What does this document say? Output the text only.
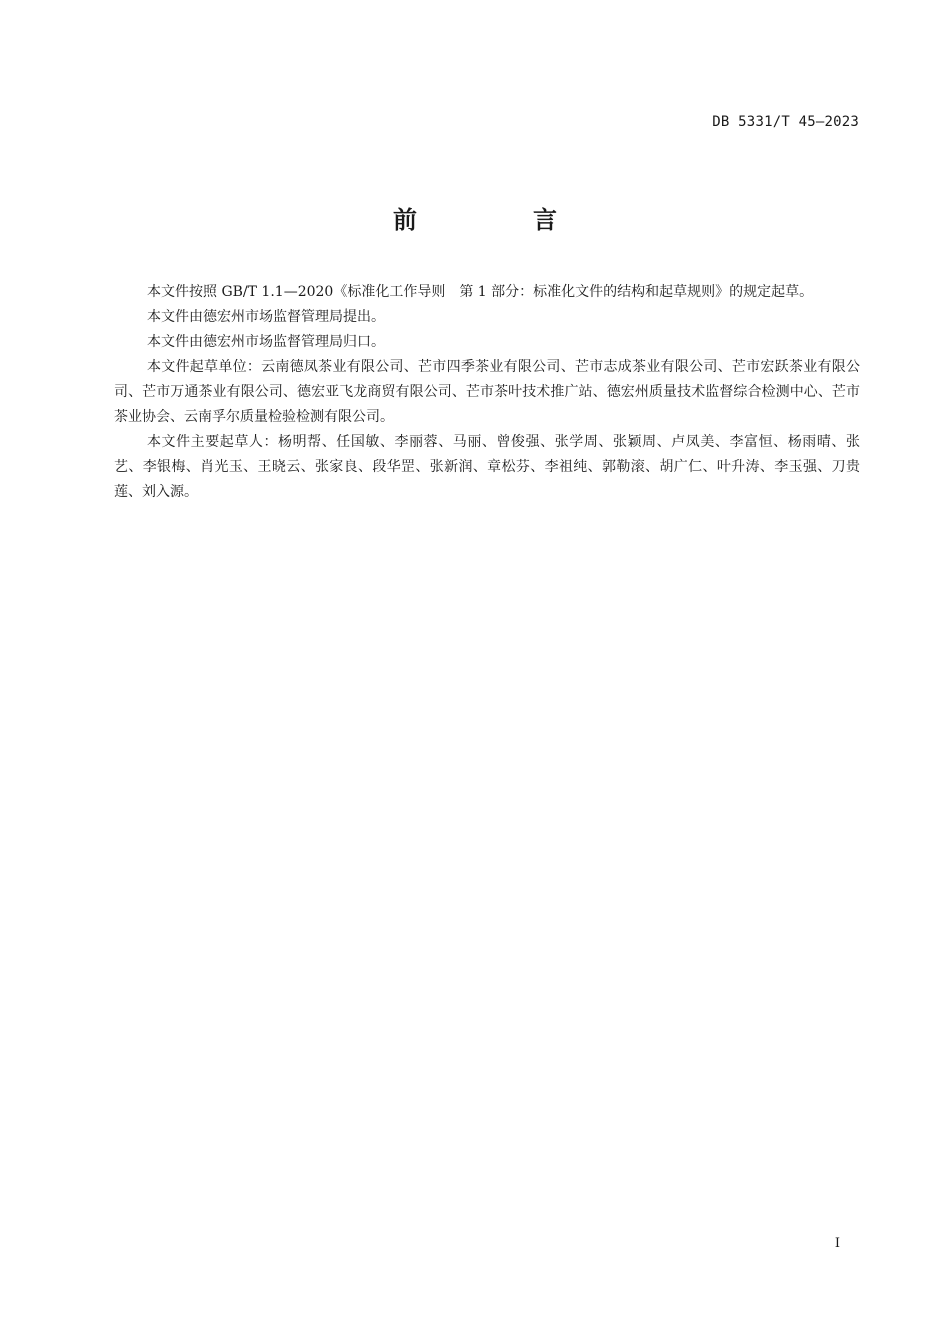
DB 5331/T 45—2023
前　言

本文件按照 GB/T 1.1—2020《标准化工作导则　第 1 部分：标准化文件的结构和起草规则》的规定起草。

本文件由德宏州市场监督管理局提出。

本文件由德宏州市场监督管理局归口。

本文件起草单位：云南德凤茶业有限公司、芒市四季茶业有限公司、芒市志成茶业有限公司、芒市宏跃茶业有限公司、芒市万通茶业有限公司、德宏亚飞龙商贸有限公司、芒市茶叶技术推广站、德宏州质量技术监督综合检测中心、芒市茶业协会、云南孚尔质量检验检测有限公司。

本文件主要起草人：杨明帮、任国敏、李丽蓉、马丽、曾俊强、张学周、张颖周、卢凤美、李富恒、杨雨晴、张艺、李银梅、肖光玉、王晓云、张家良、段华罡、张新润、章松芬、李祖纯、郭勒滚、胡广仁、叶升涛、李玉强、刀贵莲、刘入源。

I
